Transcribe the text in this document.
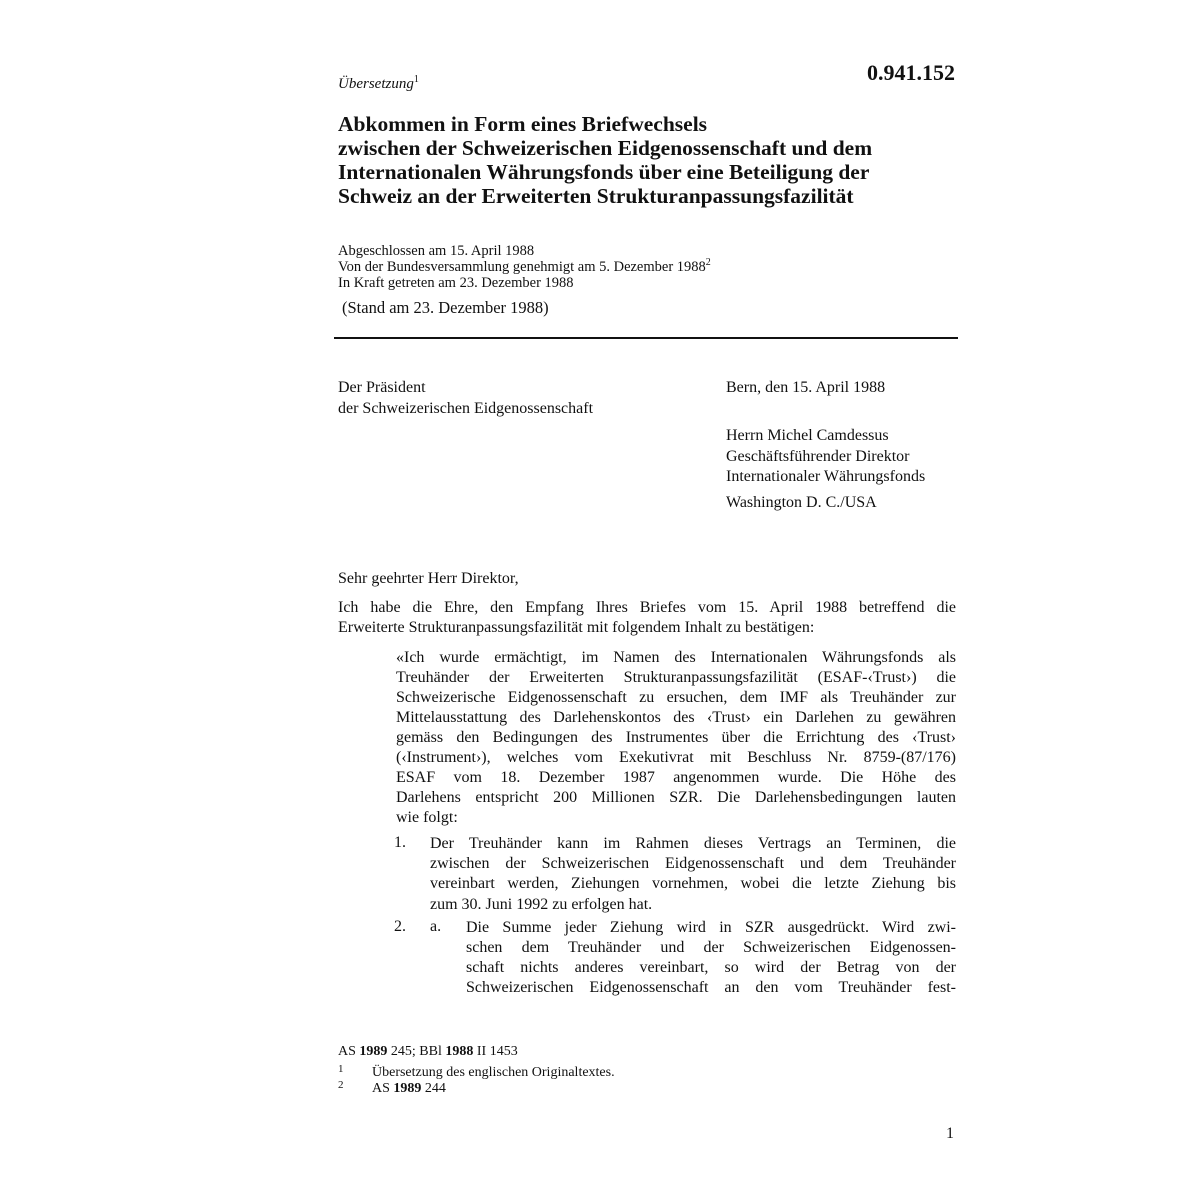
Übersetzung$^1$	0.941.152
Abkommen in Form eines Briefwechsels
zwischen der Schweizerischen Eidgenossenschaft und dem
Internationalen Währungsfonds über eine Beteiligung der
Schweiz an der Erweiterten Strukturanpassungsfazilität
Abgeschlossen am 15. April 1988
Von der Bundesversammlung genehmigt am 5. Dezember 1988$^2$
In Kraft getreten am 23. Dezember 1988
(Stand am 23. Dezember 1988)
Der Präsident
der Schweizerischen Eidgenossenschaft
Bern, den 15. April 1988
Herrn Michel Camdessus
Geschäftsführender Direktor
Internationaler Währungsfonds
Washington D. C./USA
Sehr geehrter Herr Direktor,
Ich habe die Ehre, den Empfang Ihres Briefes vom 15. April 1988 betreffend die
Erweiterte Strukturanpassungsfazilität mit folgendem Inhalt zu bestätigen:
«Ich wurde ermächtigt, im Namen des Internationalen Währungsfonds als
Treuhänder der Erweiterten Strukturanpassungsfazilität (ESAF-‹Trust›) die
Schweizerische Eidgenossenschaft zu ersuchen, dem IMF als Treuhänder zur
Mittelausstattung des Darlehenskontos des ‹Trust› ein Darlehen zu gewähren
gemäss den Bedingungen des Instrumentes über die Errichtung des ‹Trust›
(‹Instrument›), welches vom Exekutivrat mit Beschluss Nr. 8759-(87/176)
ESAF vom 18. Dezember 1987 angenommen wurde. Die Höhe des
Darlehens entspricht 200 Millionen SZR. Die Darlehensbedingungen lauten
wie folgt:
1. Der Treuhänder kann im Rahmen dieses Vertrags an Terminen, die
zwischen der Schweizerischen Eidgenossenschaft und dem Treuhänder
vereinbart werden, Ziehungen vornehmen, wobei die letzte Ziehung bis
zum 30. Juni 1992 zu erfolgen hat.
2. a. Die Summe jeder Ziehung wird in SZR ausgedrückt. Wird zwi-
schen dem Treuhänder und der Schweizerischen Eidgenossen-
schaft nichts anderes vereinbart, so wird der Betrag von der
Schweizerischen Eidgenossenschaft an den vom Treuhänder fest-
AS 1989 245; BBl 1988 II 1453
1 Übersetzung des englischen Originaltextes.
2 AS 1989 244
1
